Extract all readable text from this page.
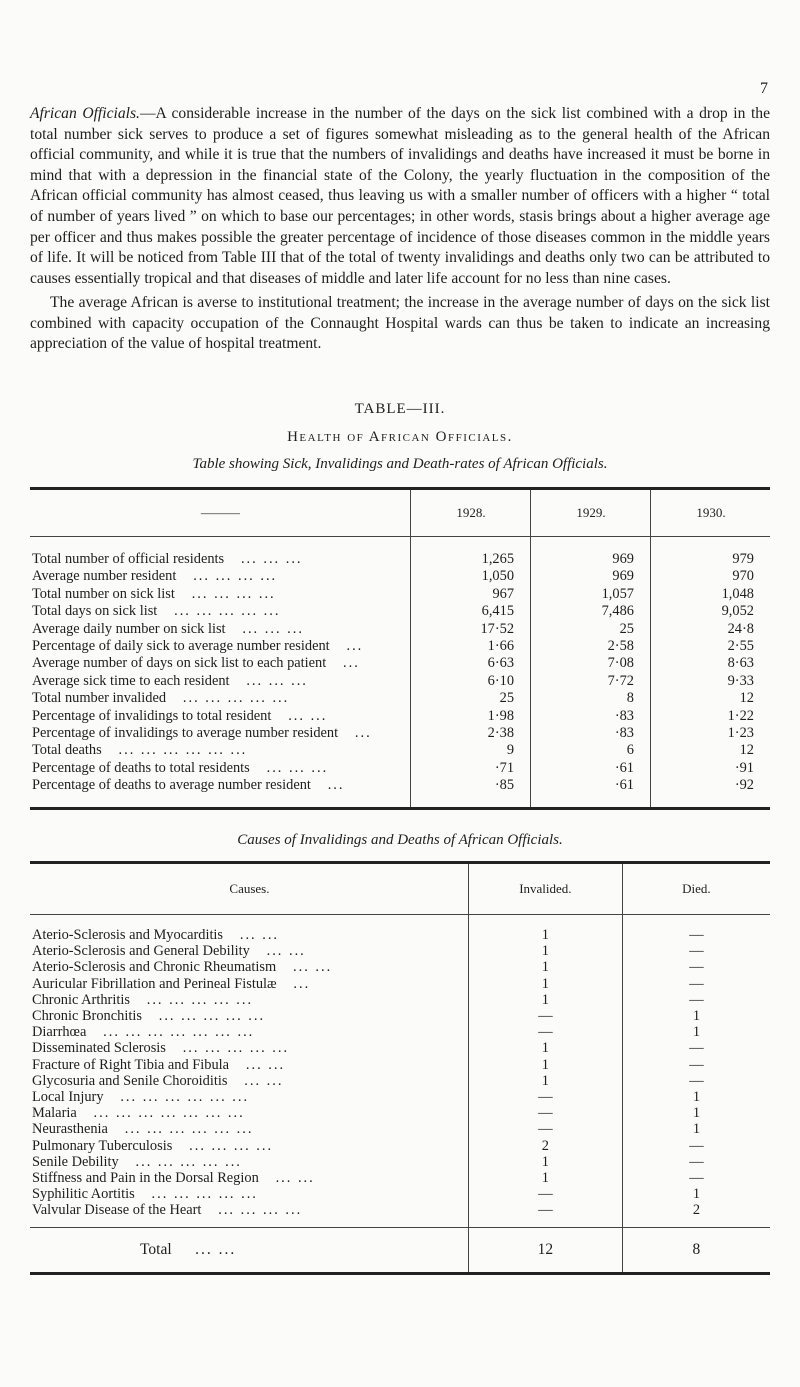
7

African Officials.—A considerable increase in the number of the days on the sick list combined with a drop in the total number sick serves to produce a set of figures somewhat misleading as to the general health of the African official community, and while it is true that the numbers of invalidings and deaths have increased it must be borne in mind that with a depression in the financial state of the Colony, the yearly fluctuation in the composition of the African official community has almost ceased, thus leaving us with a smaller number of officers with a higher “ total of number of years lived ” on which to base our percentages; in other words, stasis brings about a higher average age per officer and thus makes possible the greater percentage of incidence of those diseases common in the middle years of life. It will be noticed from Table III that of the total of twenty invalidings and deaths only two can be attributed to causes essentially tropical and that diseases of middle and later life account for no less than nine cases.

The average African is averse to institutional treatment; the increase in the average number of days on the sick list combined with capacity occupation of the Connaught Hospital wards can thus be taken to indicate an increasing appreciation of the value of hospital treatment.

TABLE—III.

Health of African Officials.

Table showing Sick, Invalidings and Death-rates of African Officials.

———	1928.	1929.	1930.
Total number of official residents ... ... ...	1,265	969	979
Average number resident ... ... ... ...	1,050	969	970
Total number on sick list ... ... ... ...	967	1,057	1,048
Total days on sick list ... ... ... ... ...	6,415	7,486	9,052
Average daily number on sick list ... ... ...	17·52	25	24·8
Percentage of daily sick to average number resident ...	1·66	2·58	2·55
Average number of days on sick list to each patient ...	6·63	7·08	8·63
Average sick time to each resident ... ... ...	6·10	7·72	9·33
Total number invalided ... ... ... ... ...	25	8	12
Percentage of invalidings to total resident ... ...	1·98	·83	1·22
Percentage of invalidings to average number resident ...	2·38	·83	1·23
Total deaths ... ... ... ... ... ...	9	6	12
Percentage of deaths to total residents ... ... ...	·71	·61	·91
Percentage of deaths to average number resident ...	·85	·61	·92

Causes of Invalidings and Deaths of African Officials.

Causes.	Invalided.	Died.
Aterio-Sclerosis and Myocarditis ... ...	1	—
Aterio-Sclerosis and General Debility ... ...	1	—
Aterio-Sclerosis and Chronic Rheumatism ... ...	1	—
Auricular Fibrillation and Perineal Fistulæ ...	1	—
Chronic Arthritis ... ... ... ... ...	1	—
Chronic Bronchitis ... ... ... ... ...	—	1
Diarrhœa ... ... ... ... ... ... ...	—	1
Disseminated Sclerosis ... ... ... ... ...	1	—
Fracture of Right Tibia and Fibula ... ...	1	—
Glycosuria and Senile Choroiditis ... ...	1	—
Local Injury ... ... ... ... ... ...	—	1
Malaria ... ... ... ... ... ... ...	—	1
Neurasthenia ... ... ... ... ... ...	—	1
Pulmonary Tuberculosis ... ... ... ...	2	—
Senile Debility ... ... ... ... ...	1	—
Stiffness and Pain in the Dorsal Region ... ...	1	—
Syphilitic Aortitis ... ... ... ... ...	—	1
Valvular Disease of the Heart ... ... ... ...	—	2
Total ... ...	12	8
